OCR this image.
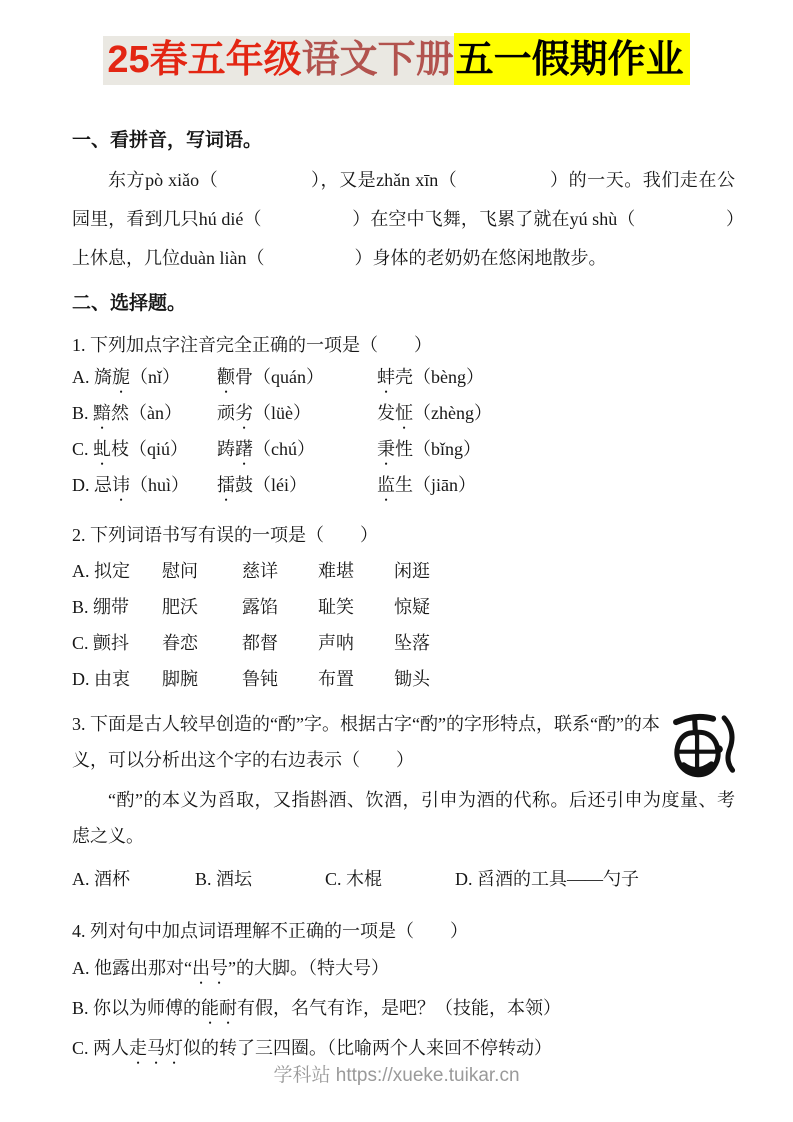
25春五年级语文下册五一假期作业
一、看拼音，写词语。
东方pò xiǎo（　　　　　），又是zhǎn xīn（　　　　　）的一天。我们走在公园里，看到几只hú dié（　　　　　）在空中飞舞，飞累了就在yú shù（　　　　　）上休息，几位duàn liàn（　　　　　）身体的老奶奶在悠闲地散步。
二、选择题。
1. 下列加点字注音完全正确的一项是（　　）
A. 旖旎（nǐ）	颧骨（quán）	蚌壳（bèng）
B. 黯然（àn）	顽劣（lüè）	发怔（zhèng）
C. 虬枝（qiú）	踌躇（chú）	秉性（bǐng）
D. 忌讳（huì）	擂鼓（léi）	监生（jiān）
2. 下列词语书写有误的一项是（　　）
A. 拟定	慰问	慈详	难堪	闲逛
B. 绷带	肥沃	露馅	耻笑	惊疑
C. 颤抖	眷恋	都督	声呐	坠落
D. 由衷	脚腕	鲁钝	布置	锄头
3. 下面是古人较早创造的“酌”字。根据古字“酌”的字形特点，联系“酌”的本义，可以分析出这个字的右边表示（　　）
“酌”的本义为舀取，又指斟酒、饮酒，引申为酒的代称。后还引申为度量、考虑之义。
A. 酒杯	B. 酒坛	C. 木棍	D. 舀酒的工具——勺子
4. 列对句中加点词语理解不正确的一项是（　　）
A. 他露出那对“出号”的大脚。（特大号）
B. 你以为师傅的能耐有假，名气有诈，是吧？（技能，本领）
C. 两人走马灯似的转了三四圈。（比喻两个人来回不停转动）
学科站 https://xueke.tuikar.cn
